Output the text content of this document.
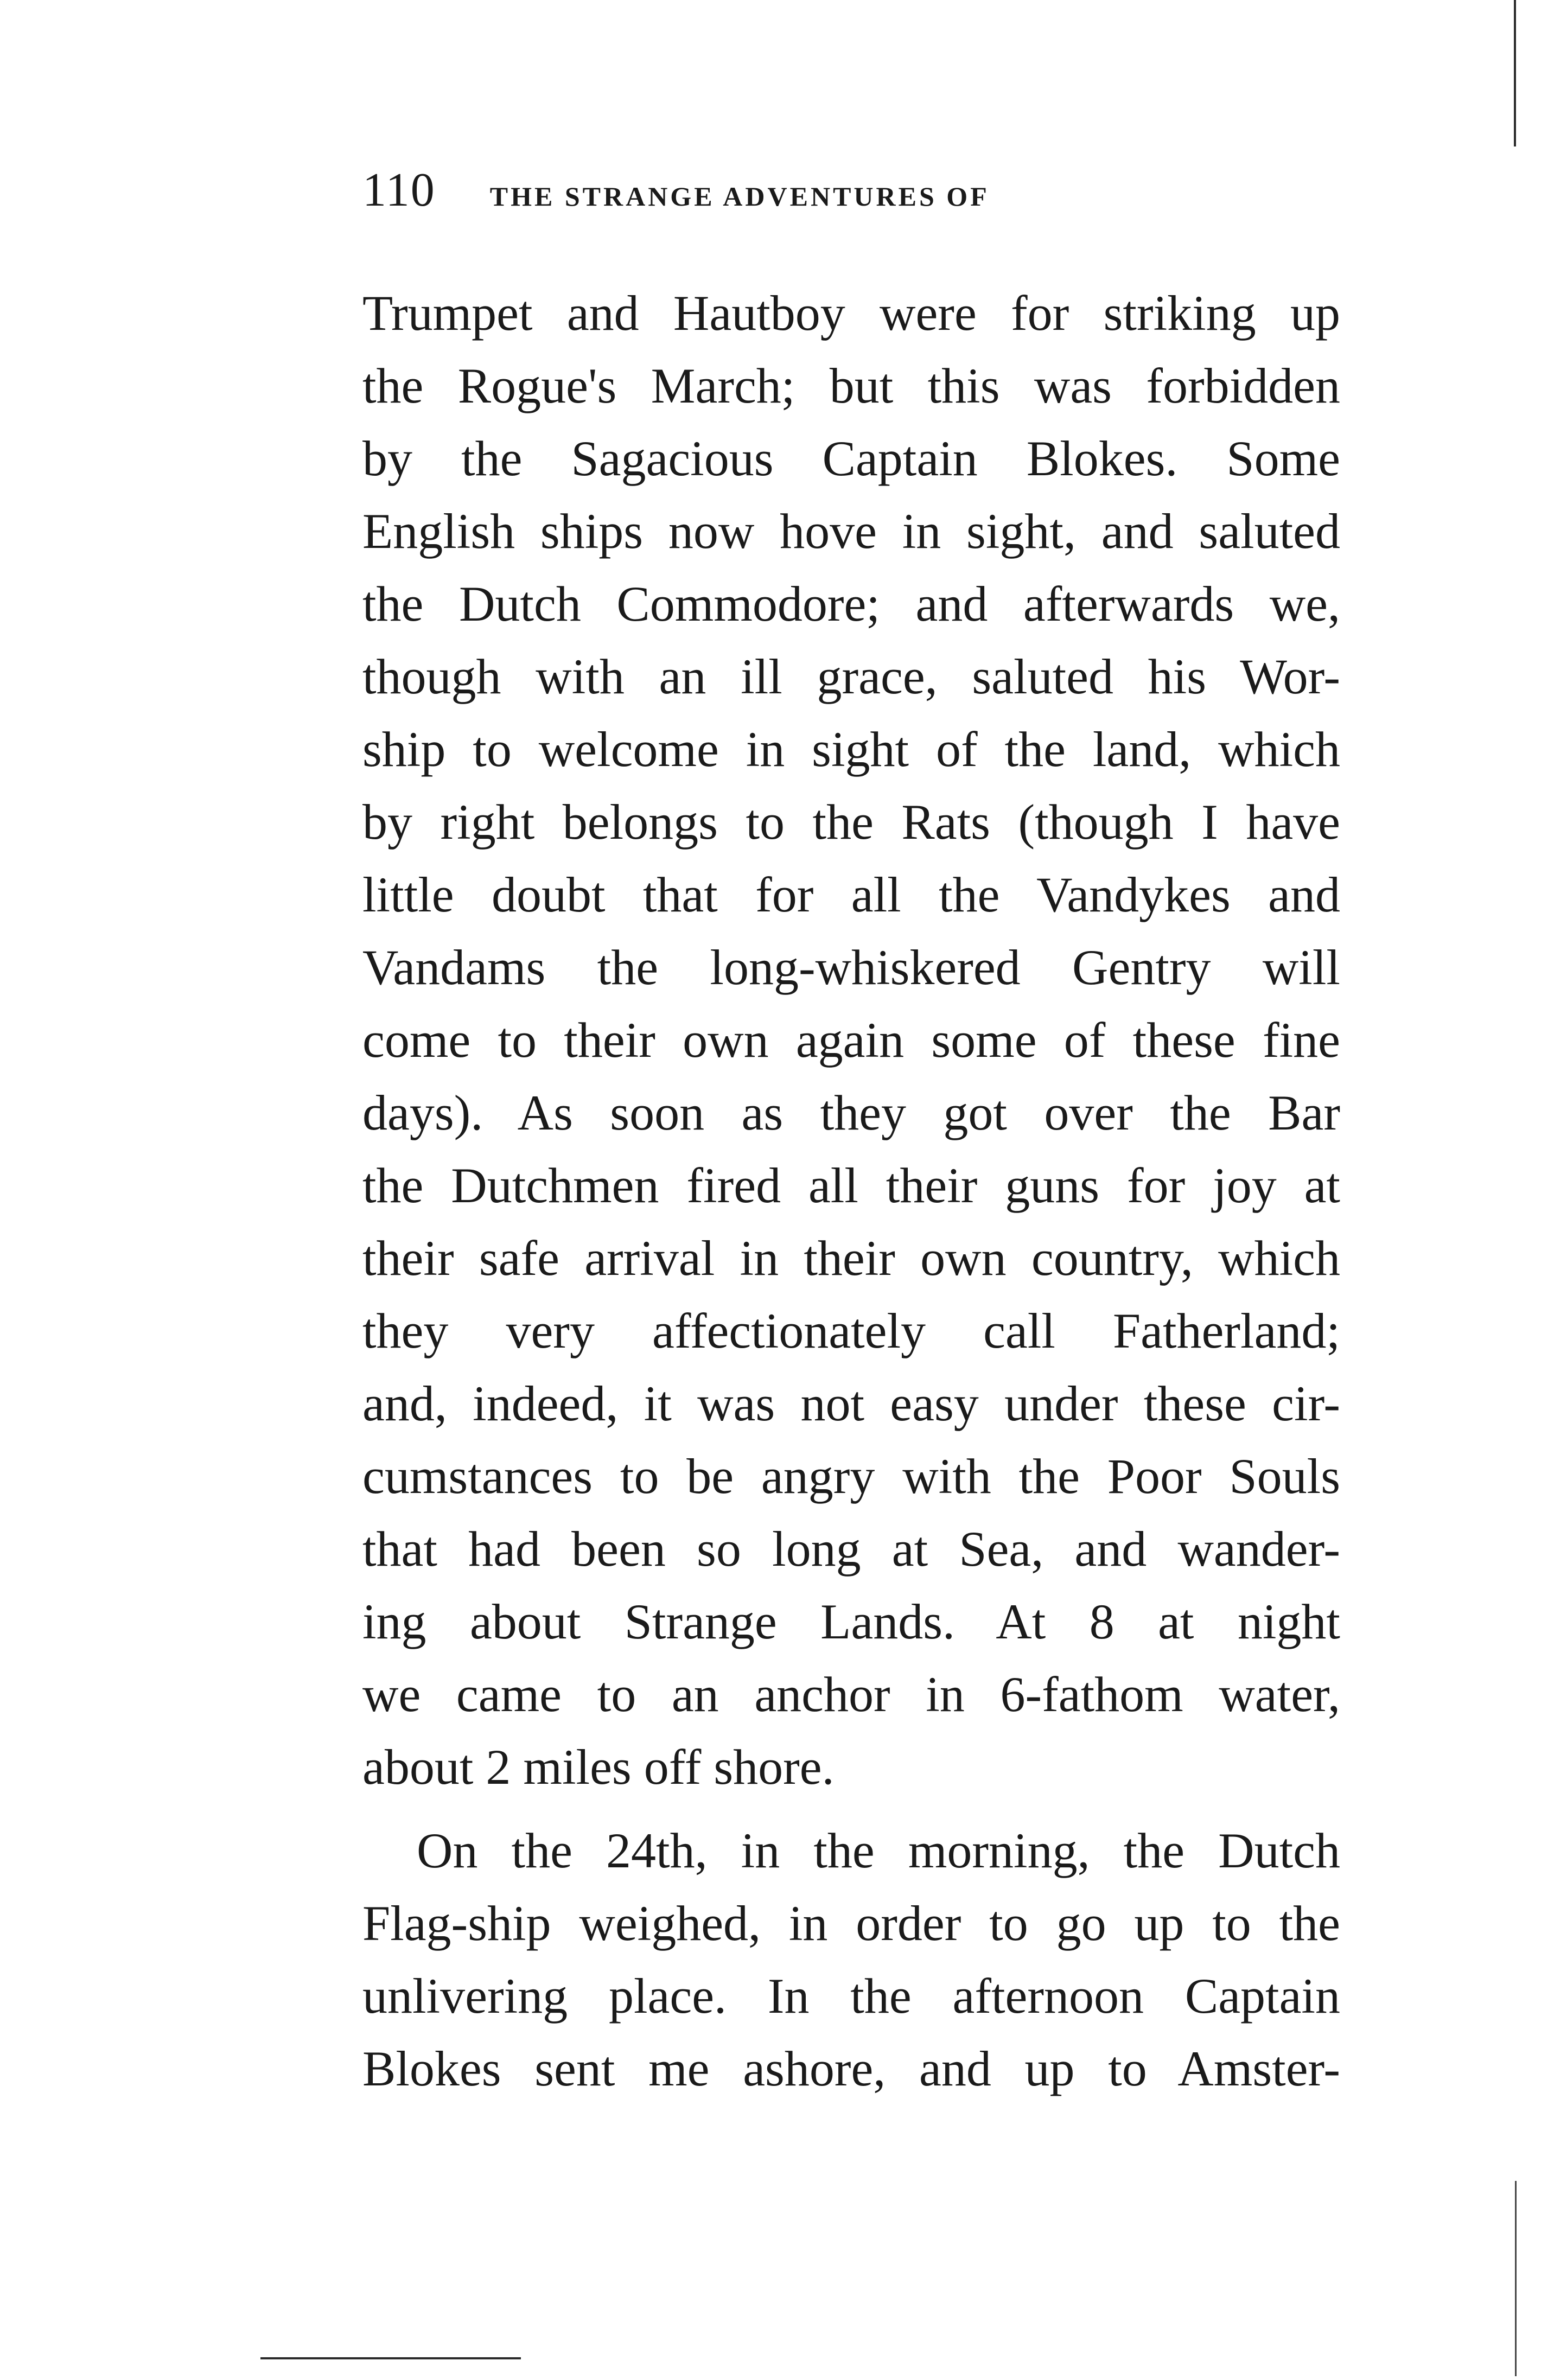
110 THE STRANGE ADVENTURES OF
Trumpet and Hautboy were for striking up
the Rogue's March; but this was forbidden
by the Sagacious Captain Blokes. Some
English ships now hove in sight, and saluted
the Dutch Commodore; and afterwards we,
though with an ill grace, saluted his Wor-
ship to welcome in sight of the land, which
by right belongs to the Rats (though I have
little doubt that for all the Vandykes and
Vandams the long-whiskered Gentry will
come to their own again some of these fine
days). As soon as they got over the Bar
the Dutchmen fired all their guns for joy at
their safe arrival in their own country, which
they very affectionately call Fatherland;
and, indeed, it was not easy under these cir-
cumstances to be angry with the Poor Souls
that had been so long at Sea, and wander-
ing about Strange Lands. At 8 at night
we came to an anchor in 6-fathom water,
about 2 miles off shore.
On the 24th, in the morning, the Dutch
Flag-ship weighed, in order to go up to the
unlivering place. In the afternoon Captain
Blokes sent me ashore, and up to Amster-
